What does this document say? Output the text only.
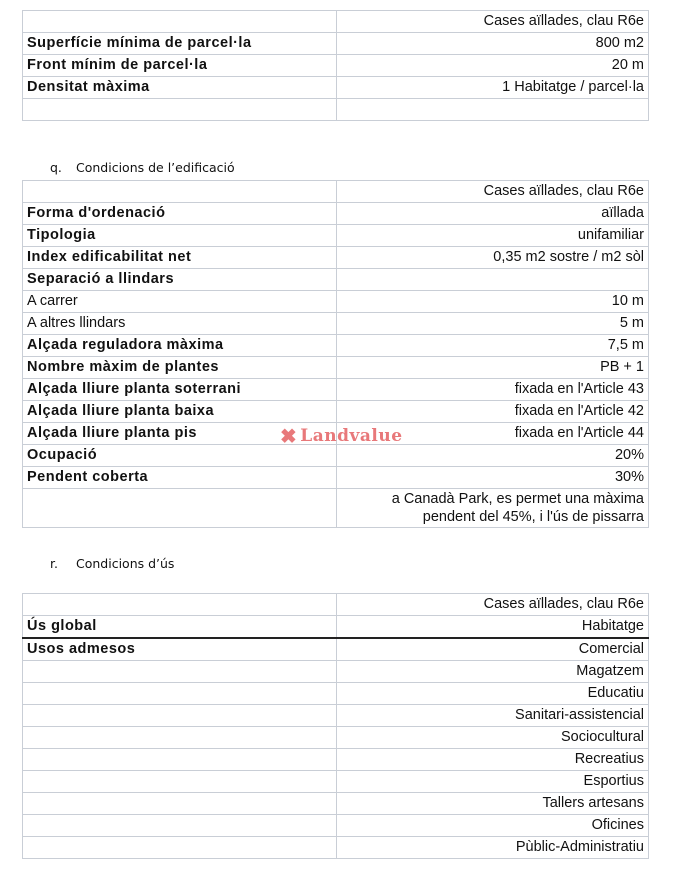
	Cases aïllades, clau R6e
Superfície mínima de parcel·la	800 m2
Front mínim de parcel·la	20 m
Densitat màxima	1 Habitatge / parcel·la

q. Condicions de l’edificació
	Cases aïllades, clau R6e
Forma d'ordenació	aïllada
Tipologia	unifamiliar
Index edificabilitat net	0,35 m2 sostre / m2 sòl
Separació a llindars	
A carrer	10 m
A altres llindars	5 m
Alçada reguladora màxima	7,5 m
Nombre màxim de plantes	PB + 1
Alçada lliure planta soterrani	fixada en l'Article 43
Alçada lliure planta baixa	fixada en l'Article 42
Alçada lliure planta pis	fixada en l'Article 44
Ocupació	20%
Pendent coberta	30%
	a Canadà Park, es permet una màxima pendent del 45%, i l'ús de pissarra
r. Condicions d’ús
	Cases aïllades, clau R6e
Ús global	Habitatge
Usos admesos	Comercial
	Magatzem
	Educatiu
	Sanitari-assistencial
	Sociocultural
	Recreatius
	Esportius
	Tallers artesans
	Oficines
	Pùblic-Administratiu
✖ Landvalue
